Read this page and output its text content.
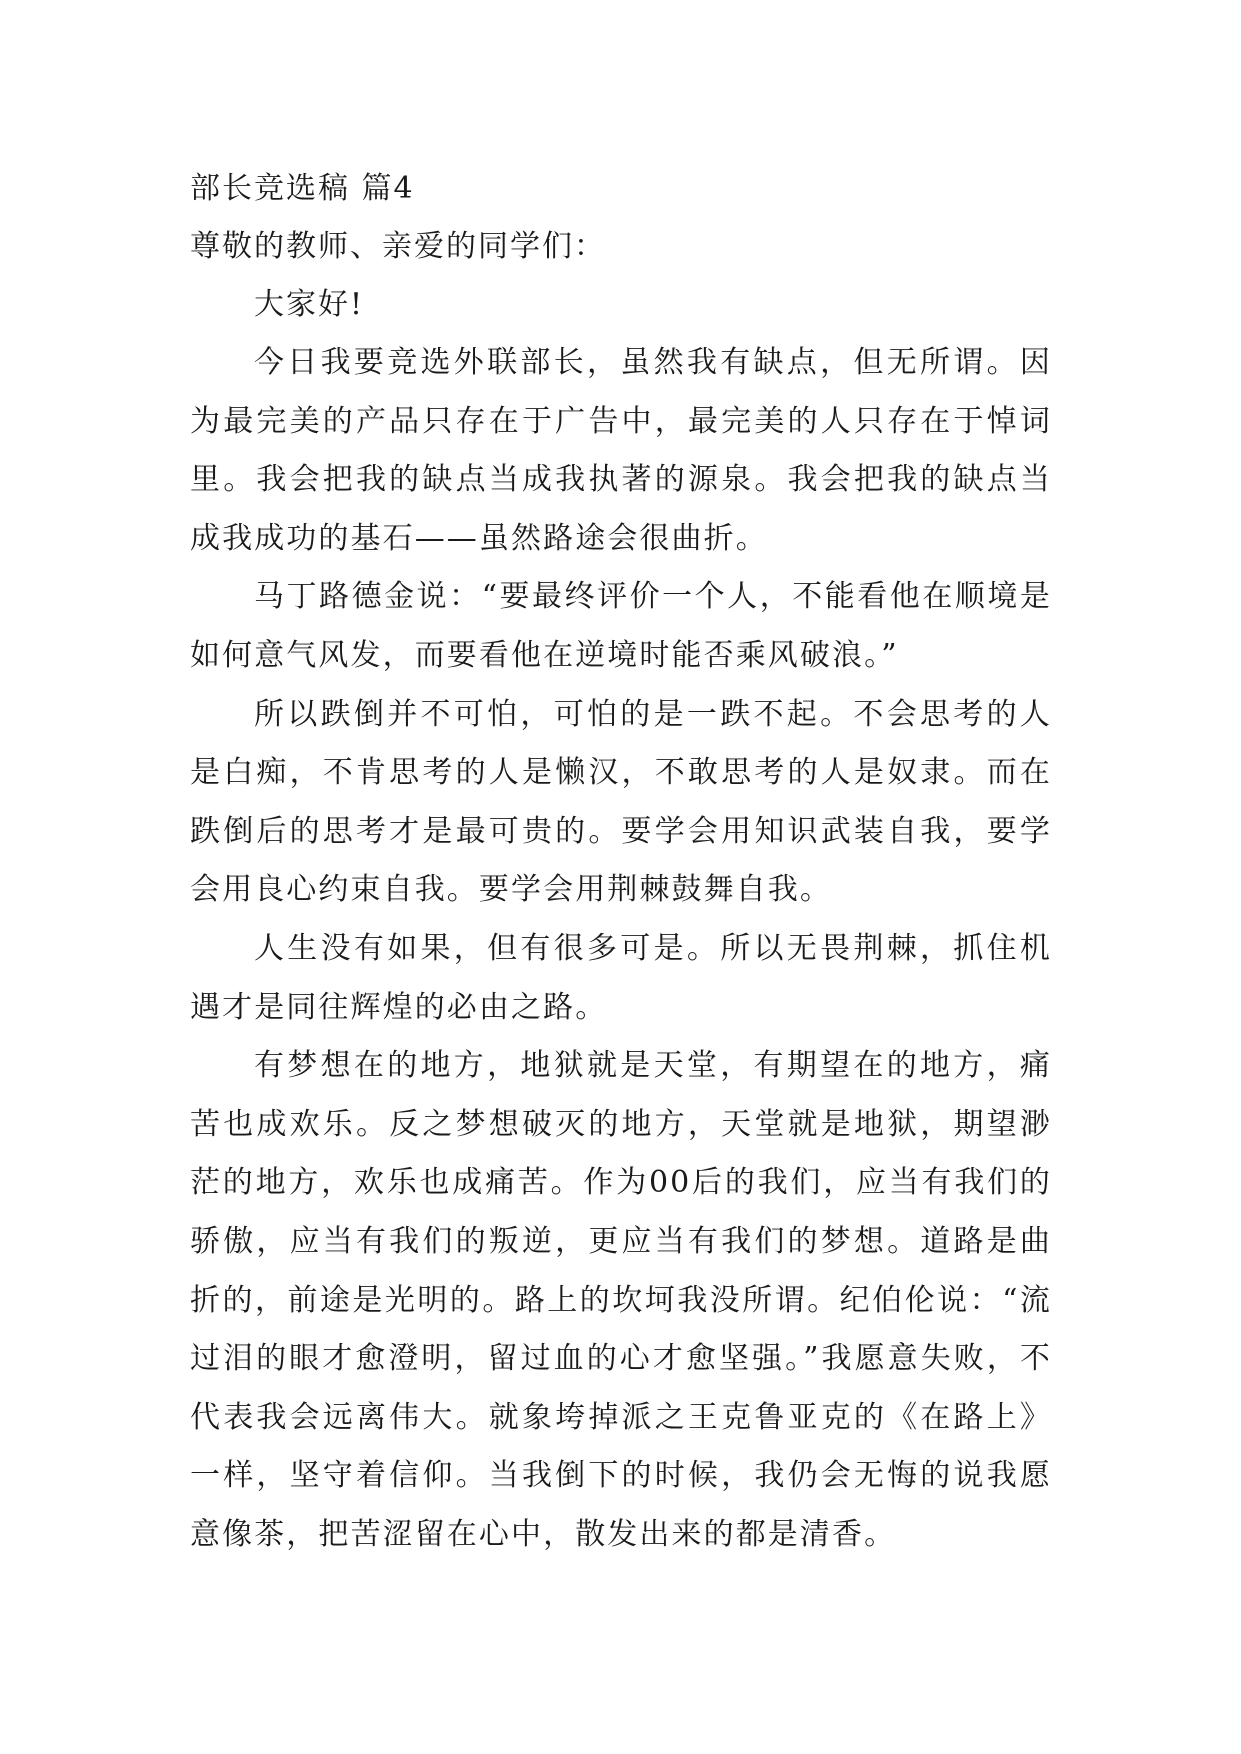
部长竞选稿 篇4
尊敬的教师、亲爱的同学们：
大家好!

今日我要竞选外联部长，虽然我有缺点，但无所谓。因为最完美的产品只存在于广告中，最完美的人只存在于悼词里。我会把我的缺点当成我执著的源泉。我会把我的缺点当成我成功的基石——虽然路途会很曲折。

马丁路德金说：“要最终评价一个人，不能看他在顺境是如何意气风发，而要看他在逆境时能否乘风破浪。”

所以跌倒并不可怕，可怕的是一跌不起。不会思考的人是白痴，不肯思考的人是懒汉，不敢思考的人是奴隶。而在跌倒后的思考才是最可贵的。要学会用知识武装自我，要学会用良心约束自我。要学会用荆棘鼓舞自我。

人生没有如果，但有很多可是。所以无畏荆棘，抓住机遇才是同往辉煌的必由之路。

有梦想在的地方，地狱就是天堂，有期望在的地方，痛苦也成欢乐。反之梦想破灭的地方，天堂就是地狱，期望渺茫的地方，欢乐也成痛苦。作为00后的我们，应当有我们的骄傲，应当有我们的叛逆，更应当有我们的梦想。道路是曲折的，前途是光明的。路上的坎坷我没所谓。纪伯伦说：“流过泪的眼才愈澄明，留过血的心才愈坚强。”我愿意失败，不代表我会远离伟大。就象垮掉派之王克鲁亚克的《在路上》一样，坚守着信仰。当我倒下的时候，我仍会无悔的说我愿意像茶，把苦涩留在心中，散发出来的都是清香。
